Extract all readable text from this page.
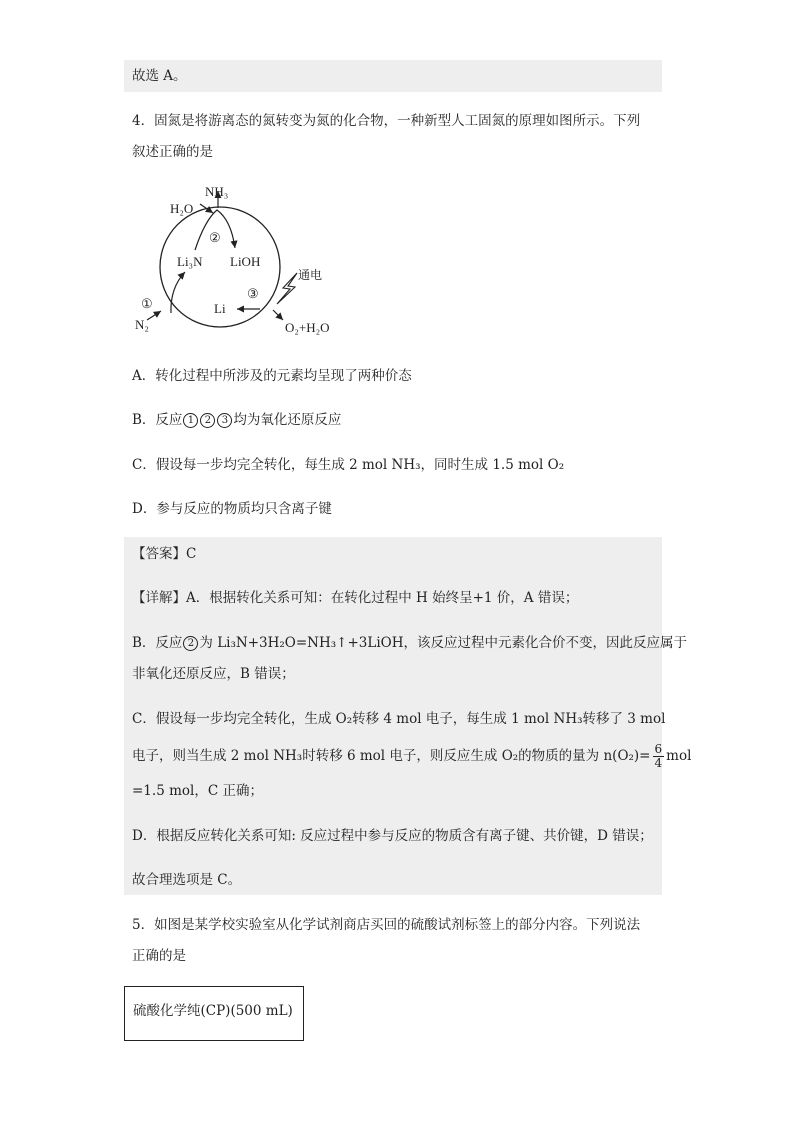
故选 A。
4．固氮是将游离态的氮转变为氮的化合物，一种新型人工固氮的原理如图所示。下列
叙述正确的是
NH₃
H₂O
②
Li₃N LiOH
①
N₂
Li
③
通电
O₂+H₂O
A．转化过程中所涉及的元素均呈现了两种价态
B．反应 1 2 3 均为氧化还原反应
C．假设每一步均完全转化，每生成 2 mol NH₃，同时生成 1.5 mol O₂
D．参与反应的物质均只含离子键
【答案】C
【详解】A．根据转化关系可知：在转化过程中 H 始终呈+1 价，A 错误；
B．反应 2 为 Li₃N+3H₂O=NH₃↑+3LiOH，该反应过程中元素化合价不变，因此反应属于
非氧化还原反应，B 错误；
C．假设每一步均完全转化，生成 O₂转移 4 mol 电子，每生成 1 mol NH₃转移了 3 mol
电子，则当生成 2 mol NH₃时转移 6 mol 电子，则反应生成 O₂的物质的量为 $n(O_2)= \frac{6}{4}$ mol
=1.5 mol，C 正确；
D．根据反应转化关系可知: 反应过程中参与反应的物质含有离子键、共价键，D 错误；
故合理选项是 C。
5．如图是某学校实验室从化学试剂商店买回的硫酸试剂标签上的部分内容。下列说法
正确的是
硫酸化学纯(CP)(500 mL)
